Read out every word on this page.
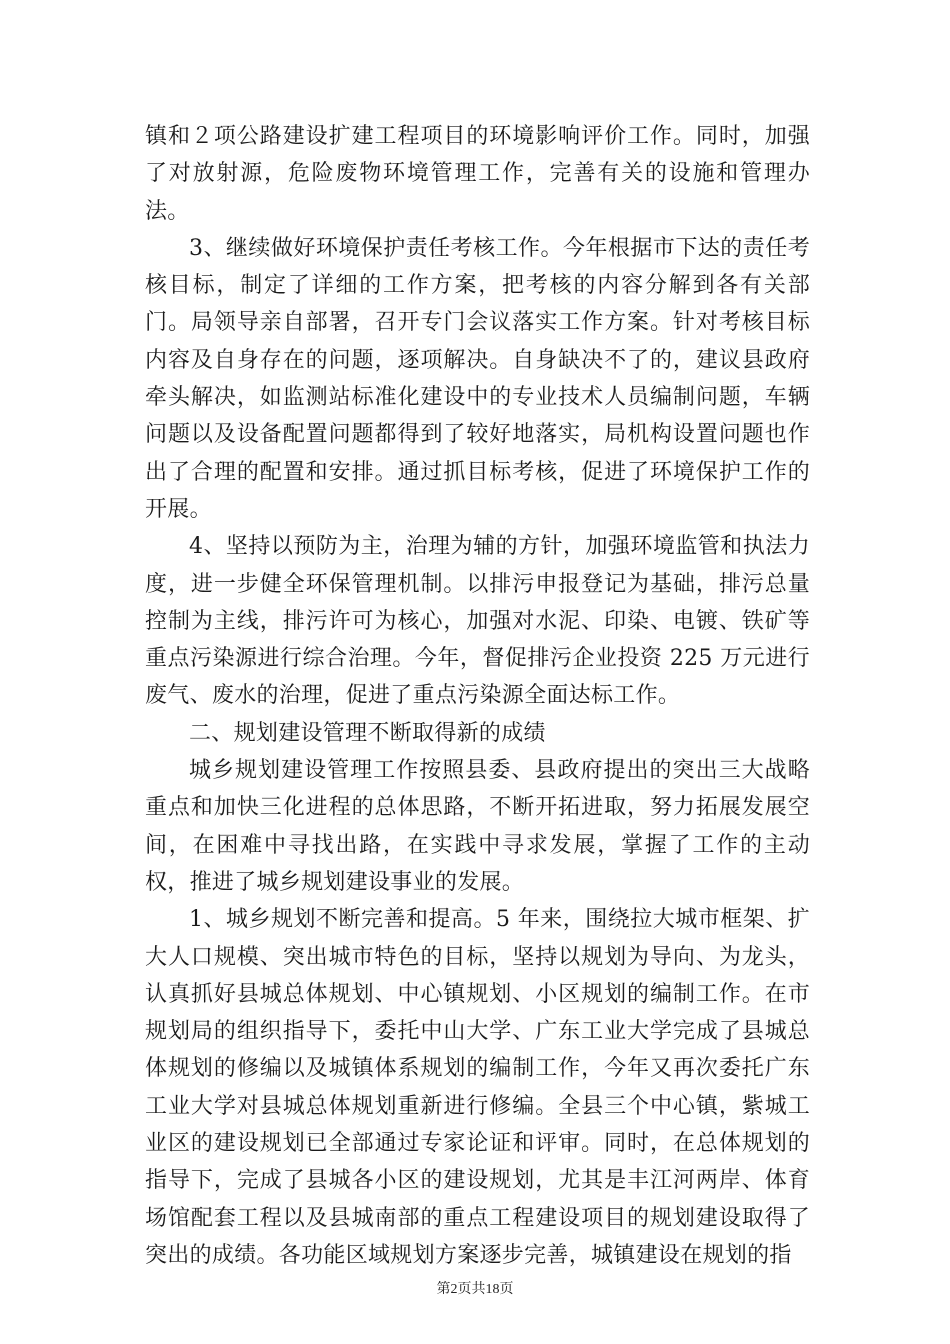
镇和２项公路建设扩建工程项目的环境影响评价工作。同时，加强了对放射源，危险废物环境管理工作，完善有关的设施和管理办法。

3、继续做好环境保护责任考核工作。今年根据市下达的责任考核目标，制定了详细的工作方案，把考核的内容分解到各有关部门。局领导亲自部署，召开专门会议落实工作方案。针对考核目标内容及自身存在的问题，逐项解决。自身缺决不了的，建议县政府牵头解决，如监测站标准化建设中的专业技术人员编制问题，车辆问题以及设备配置问题都得到了较好地落实，局机构设置问题也作出了合理的配置和安排。通过抓目标考核，促进了环境保护工作的开展。

4、坚持以预防为主，治理为辅的方针，加强环境监管和执法力度，进一步健全环保管理机制。以排污申报登记为基础，排污总量控制为主线，排污许可为核心，加强对水泥、印染、电镀、铁矿等重点污染源进行综合治理。今年，督促排污企业投资 225 万元进行废气、废水的治理，促进了重点污染源全面达标工作。

二、规划建设管理不断取得新的成绩

城乡规划建设管理工作按照县委、县政府提出的突出三大战略重点和加快三化进程的总体思路，不断开拓进取，努力拓展发展空间，在困难中寻找出路，在实践中寻求发展，掌握了工作的主动权，推进了城乡规划建设事业的发展。

1、城乡规划不断完善和提高。5 年来，围绕拉大城市框架、扩大人口规模、突出城市特色的目标，坚持以规划为导向、为龙头，认真抓好县城总体规划、中心镇规划、小区规划的编制工作。在市规划局的组织指导下，委托中山大学、广东工业大学完成了县城总体规划的修编以及城镇体系规划的编制工作，今年又再次委托广东工业大学对县城总体规划重新进行修编。全县三个中心镇，紫城工业区的建设规划已全部通过专家论证和评审。同时，在总体规划的指导下，完成了县城各小区的建设规划，尤其是丰江河两岸、体育场馆配套工程以及县城南部的重点工程建设项目的规划建设取得了突出的成绩。各功能区域规划方案逐步完善，城镇建设在规划的指

第2页共18页
